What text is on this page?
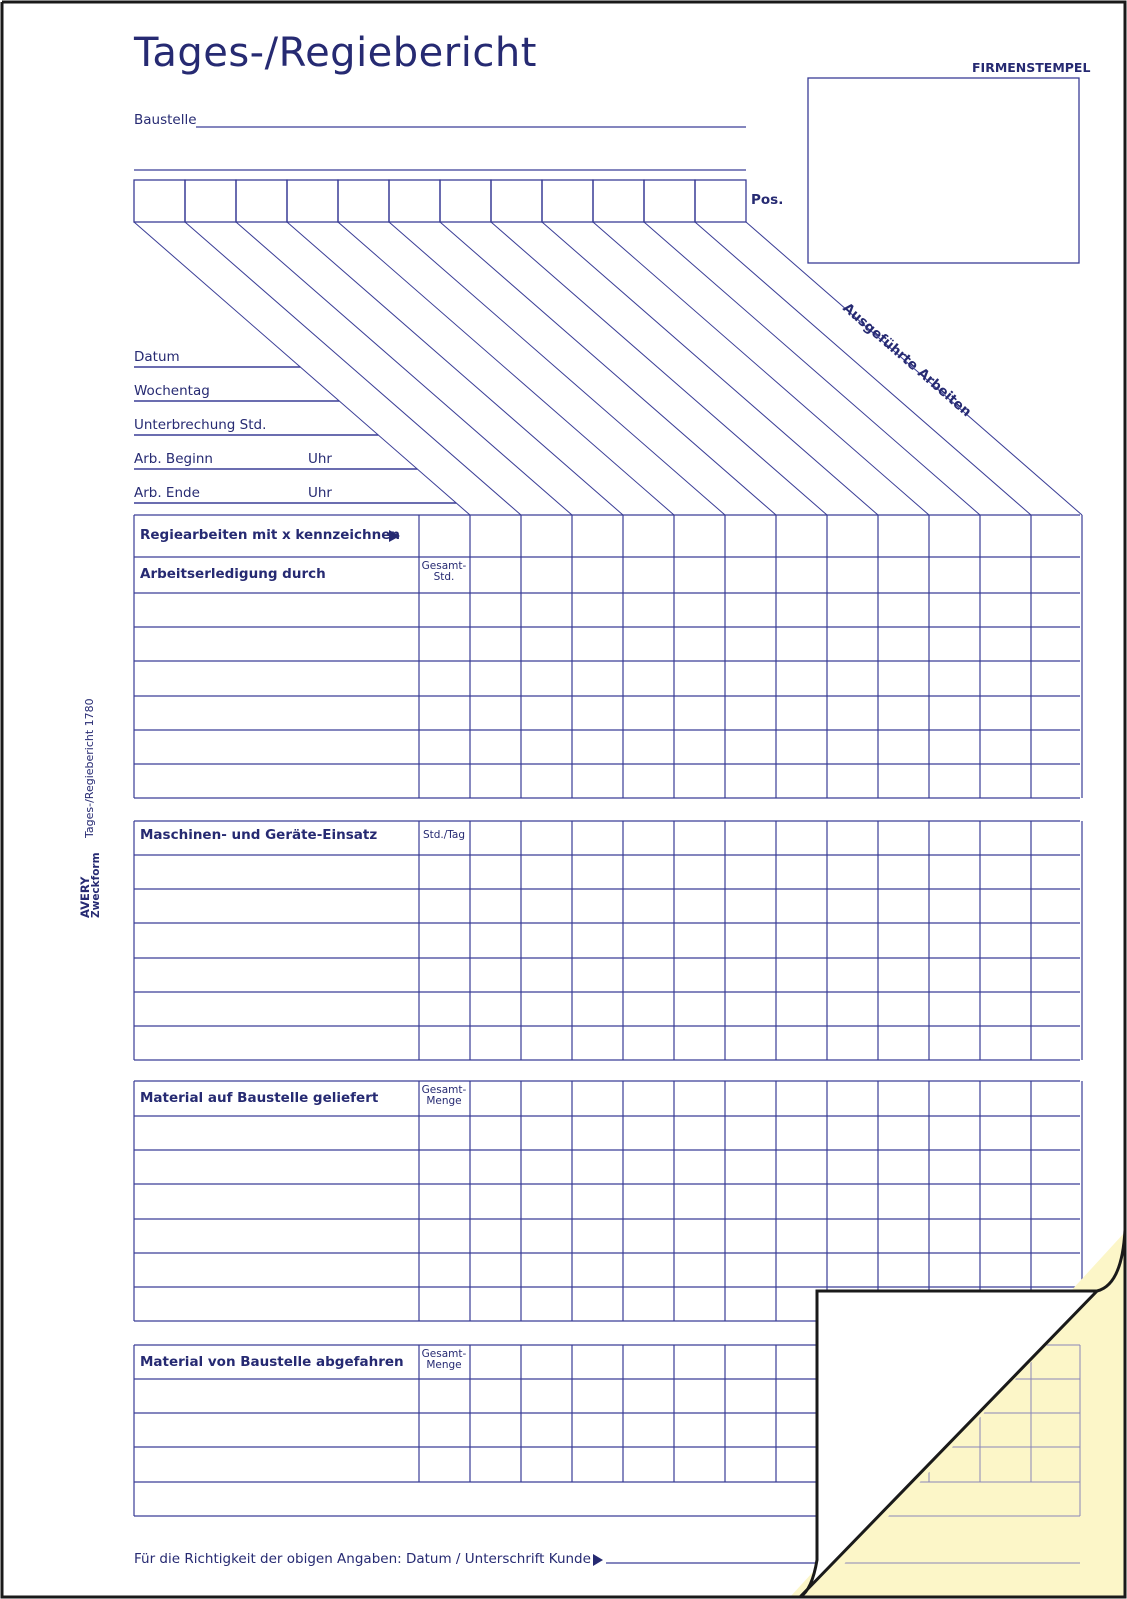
Tages-/Regiebericht	FIRMENSTEMPEL
Baustelle
Pos.
Ausgeführte Arbeiten
Datum
Wochentag
Unterbrechung Std.
Arb. Beginn	Uhr
Arb. Ende	Uhr
Regiearbeiten mit x kennzeichnen
Arbeitserledigung durch	Gesamt-
Std.
Maschinen- und Geräte-Einsatz	Std./Tag
Material auf Baustelle geliefert	Gesamt-
Menge
Material von Baustelle abgefahren Gesamt-
Menge
Für die Richtigkeit der obigen Angaben: Datum / Unterschrift Kunde
Tages-/Regiebericht 1780
AVERY
Zweckform
